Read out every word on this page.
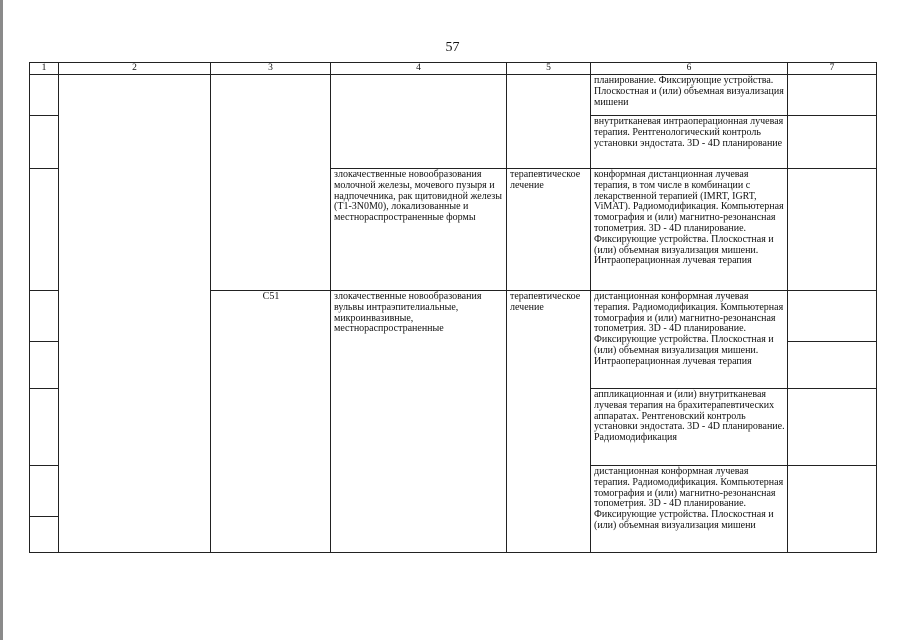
57
1	2	3	4	5	6	7
					планирование. Фиксирующие устройства. Плоскостная и (или) объемная визуализация мишени	
					внутритканевая интраоперационная лучевая терапия. Рентгенологический контроль установки эндостата. 3D - 4D планирование	
			злокачественные новообразования молочной железы, мочевого пузыря и надпочечника, рак щитовидной железы (T1-3N0M0), локализованные и местнораспространенные формы	терапевтическое лечение	конформная дистанционная лучевая терапия, в том числе в комбинации с лекарственной терапией (IMRT, IGRT, ViMAT). Радиомодификация. Компьютерная томография и (или) магнитно-резонансная топометрия. 3D - 4D планирование. Фиксирующие устройства. Плоскостная и (или) объемная визуализация мишени. Интраоперационная лучевая терапия	
		C51	злокачественные новообразования вульвы интраэпителиальные, микроинвазивные, местнораспространенные	терапевтическое лечение	дистанционная конформная лучевая терапия. Радиомодификация. Компьютерная томография и (или) магнитно-резонансная топометрия. 3D - 4D планирование. Фиксирующие устройства. Плоскостная и (или) объемная визуализация мишени. Интраоперационная лучевая терапия	

					аппликационная и (или) внутритканевая лучевая терапия на брахитерапевтических аппаратах. Рентгеновский контроль установки эндостата. 3D - 4D планирование. Радиомодификация	
					дистанционная конформная лучевая терапия. Радиомодификация. Компьютерная томография и (или) магнитно-резонансная топометрия. 3D - 4D планирование. Фиксирующие устройства. Плоскостная и (или) объемная визуализация мишени	
